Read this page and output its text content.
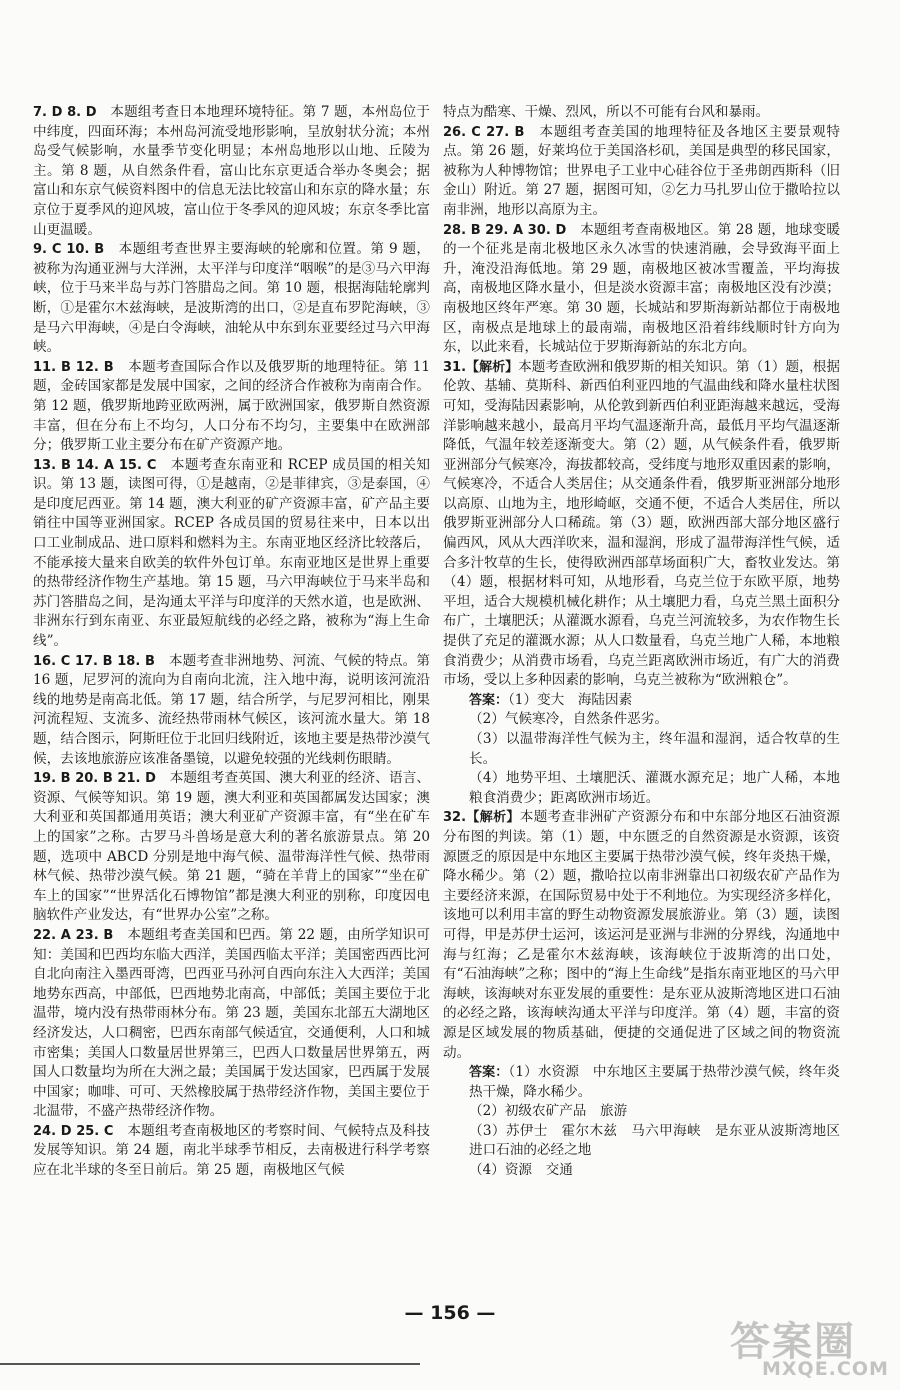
7. D 8. D　 本题组考查日本地理环境特征。第 7 题，本州岛位于中纬度，四面环海；本州岛河流受地形影响，呈放射状分流；本州岛受气候影响，水量季节变化明显；本州岛地形以山地、丘陵为主。第 8 题，从自然条件看，富山比东京更适合举办冬奥会；据富山和东京气候资料图中的信息无法比较富山和东京的降水量；东京位于夏季风的迎风坡，富山位于冬季风的迎风坡；东京冬季比富山更温暖。

9. C 10. B　 本题组考查世界主要海峡的轮廓和位置。第 9 题，被称为沟通亚洲与大洋洲，太平洋与印度洋“咽喉”的是③马六甲海峡，位于马来半岛与苏门答腊岛之间。第 10 题，根据海陆轮廓判断，①是霍尔木兹海峡，是波斯湾的出口，②是直布罗陀海峡，③是马六甲海峡，④是白令海峡，油轮从中东到东亚要经过马六甲海峡。

11. B 12. B　 本题考查国际合作以及俄罗斯的地理特征。第 11 题，金砖国家都是发展中国家，之间的经济合作被称为南南合作。第 12 题，俄罗斯地跨亚欧两洲，属于欧洲国家，俄罗斯自然资源丰富，但在分布上不均匀，人口分布不均匀，主要集中在欧洲部分；俄罗斯工业主要分布在矿产资源产地。

13. B 14. A 15. C　 本题考查东南亚和 RCEP 成员国的相关知识。第 13 题，读图可得，①是越南，②是菲律宾，③是泰国，④是印度尼西亚。第 14 题，澳大利亚的矿产资源丰富，矿产品主要销往中国等亚洲国家。RCEP 各成员国的贸易往来中，日本以出口工业制成品、进口原料和燃料为主。东南亚地区经济比较落后，不能承接大量来自欧美的软件外包订单。东南亚地区是世界上重要的热带经济作物生产基地。第 15 题，马六甲海峡位于马来半岛和苏门答腊岛之间，是沟通太平洋与印度洋的天然水道，也是欧洲、非洲东行到东南亚、东亚最短航线的必经之路，被称为“海上生命线”。

16. C 17. B 18. B　 本题考查非洲地势、河流、气候的特点。第 16 题，尼罗河的流向为自南向北流，注入地中海，说明该河流沿线的地势是南高北低。第 17 题，结合所学，与尼罗河相比，刚果河流程短、支流多、流经热带雨林气候区，该河流水量大。第 18 题，结合图示，阿斯旺位于北回归线附近，该地主要是热带沙漠气候，去该地旅游应该准备墨镜，以避免较强的光线刺伤眼睛。

19. B 20. B 21. D　 本题组考查英国、澳大利亚的经济、语言、资源、气候等知识。第 19 题，澳大利亚和英国都属发达国家；澳大利亚和英国都通用英语；澳大利亚矿产资源丰富，有“坐在矿车上的国家”之称。古罗马斗兽场是意大利的著名旅游景点。第 20 题，选项中 ABCD 分别是地中海气候、温带海洋性气候、热带雨林气候、热带沙漠气候。第 21 题，“骑在羊背上的国家”“坐在矿车上的国家”“世界活化石博物馆”都是澳大利亚的别称，印度因电脑软件产业发达，有“世界办公室”之称。

22. A 23. B　 本题组考查美国和巴西。第 22 题，由所学知识可知：美国和巴西均东临大西洋，美国西临太平洋；美国密西西比河自北向南注入墨西哥湾，巴西亚马孙河自西向东注入大西洋；美国地势东西高，中部低，巴西地势北南高，中部低；美国主要位于北温带，境内没有热带雨林分布。第 23 题，美国东北部五大湖地区经济发达，人口稠密，巴西东南部气候适宜，交通便利，人口和城市密集；美国人口数量居世界第三，巴西人口数量居世界第五，两国人口数量均为所在大洲之最；美国属于发达国家，巴西属于发展中国家；咖啡、可可、天然橡胶属于热带经济作物，美国主要位于北温带，不盛产热带经济作物。

24. D 25. C　 本题组考查南极地区的考察时间、气候特点及科技发展等知识。第 24 题，南北半球季节相反，去南极进行科学考察应在北半球的冬至日前后。第 25 题，南极地区气候

特点为酷寒、干燥、烈风，所以不可能有台风和暴雨。

26. C 27. B　 本题组考查美国的地理特征及各地区主要景观特点。第 26 题，好莱坞位于美国洛杉矶，美国是典型的移民国家，被称为人种博物馆；世界电子工业中心硅谷位于圣弗朗西斯科（旧金山）附近。第 27 题，据图可知，②乞力马扎罗山位于撒哈拉以南非洲，地形以高原为主。

28. B 29. A 30. D　 本题组考查南极地区。第 28 题，地球变暖的一个征兆是南北极地区永久冰雪的快速消融，会导致海平面上升，淹没沿海低地。第 29 题，南极地区被冰雪覆盖，平均海拔高，南极地区降水量小，但是淡水资源丰富；南极地区没有沙漠；南极地区终年严寒。第 30 题，长城站和罗斯海新站都位于南极地区，南极点是地球上的最南端，南极地区沿着纬线顺时针方向为东，以此来看，长城站位于罗斯海新站的东北方向。

31.【解析】本题考查欧洲和俄罗斯的相关知识。第（1）题，根据伦敦、基辅、莫斯科、新西伯利亚四地的气温曲线和降水量柱状图可知，受海陆因素影响，从伦敦到新西伯利亚距海越来越远，受海洋影响越来越小，最高月平均气温逐渐升高，最低月平均气温逐渐降低，气温年较差逐渐变大。第（2）题，从气候条件看，俄罗斯亚洲部分气候寒冷，海拔都较高，受纬度与地形双重因素的影响，气候寒冷，不适合人类居住；从交通条件看，俄罗斯亚洲部分地形以高原、山地为主，地形崎岖，交通不便，不适合人类居住，所以俄罗斯亚洲部分人口稀疏。第（3）题，欧洲西部大部分地区盛行偏西风，风从大西洋吹来，温和湿润，形成了温带海洋性气候，适合多汁牧草的生长，使得欧洲西部草场面积广大，畜牧业发达。第（4）题，根据材料可知，从地形看，乌克兰位于东欧平原，地势平坦，适合大规模机械化耕作；从土壤肥力看，乌克兰黑土面积分布广，土壤肥沃；从灌溉水源看，乌克兰河流较多，为农作物生长提供了充足的灌溉水源；从人口数量看，乌克兰地广人稀，本地粮食消费少；从消费市场看，乌克兰距离欧洲市场近，有广大的消费市场，受以上多种因素的影响，乌克兰被称为“欧洲粮仓”。

答案：（1）变大　海陆因素

（2）气候寒冷，自然条件恶劣。

（3）以温带海洋性气候为主，终年温和湿润，适合牧草的生长。

（4）地势平坦、土壤肥沃、灌溉水源充足；地广人稀，本地粮食消费少；距离欧洲市场近。

32.【解析】本题考查非洲矿产资源分布和中东部分地区石油资源分布图的判读。第（1）题，中东匮乏的自然资源是水资源，该资源匮乏的原因是中东地区主要属于热带沙漠气候，终年炎热干燥，降水稀少。第（2）题，撒哈拉以南非洲靠出口初级农矿产品作为主要经济来源，在国际贸易中处于不利地位。为实现经济多样化，该地可以利用丰富的野生动物资源发展旅游业。第（3）题，读图可得，甲是苏伊士运河，该运河是亚洲与非洲的分界线，沟通地中海与红海；乙是霍尔木兹海峡，该海峡位于波斯湾的出口处，有“石油海峡”之称；图中的“海上生命线”是指东南亚地区的马六甲海峡，该海峡对东亚发展的重要性：是东亚从波斯湾地区进口石油的必经之路，该海峡沟通太平洋与印度洋。第（4）题，丰富的资源是区域发展的物质基础，便捷的交通促进了区域之间的物资流动。

答案：（1）水资源　中东地区主要属于热带沙漠气候，终年炎热干燥，降水稀少。

（2）初级农矿产品　旅游

（3）苏伊士　霍尔木兹　马六甲海峡　是东亚从波斯湾地区进口石油的必经之地

（4）资源　交通

— 156 —
答案圈
MXQE.COM
